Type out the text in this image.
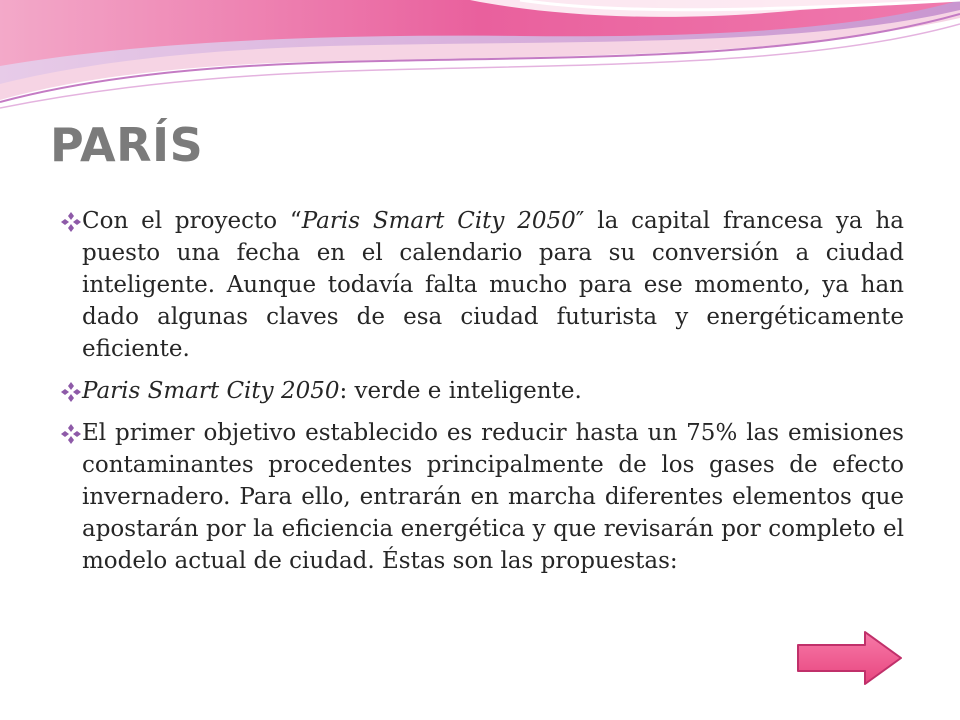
PARÍS
Con el proyecto “Paris Smart City 2050″ la capital francesa ya ha puesto una fecha en el calendario para su conversión a ciudad inteligente. Aunque todavía falta mucho para ese momento, ya han dado algunas claves de esa ciudad futurista y energéticamente eficiente.
Paris Smart City 2050: verde e inteligente.
El primer objetivo establecido es reducir hasta un 75% las emisiones contaminantes procedentes principalmente de los gases de efecto invernadero. Para ello, entrarán en marcha diferentes elementos que apostarán por la eficiencia energética y que revisarán por completo el modelo actual de ciudad. Éstas son las propuestas:
